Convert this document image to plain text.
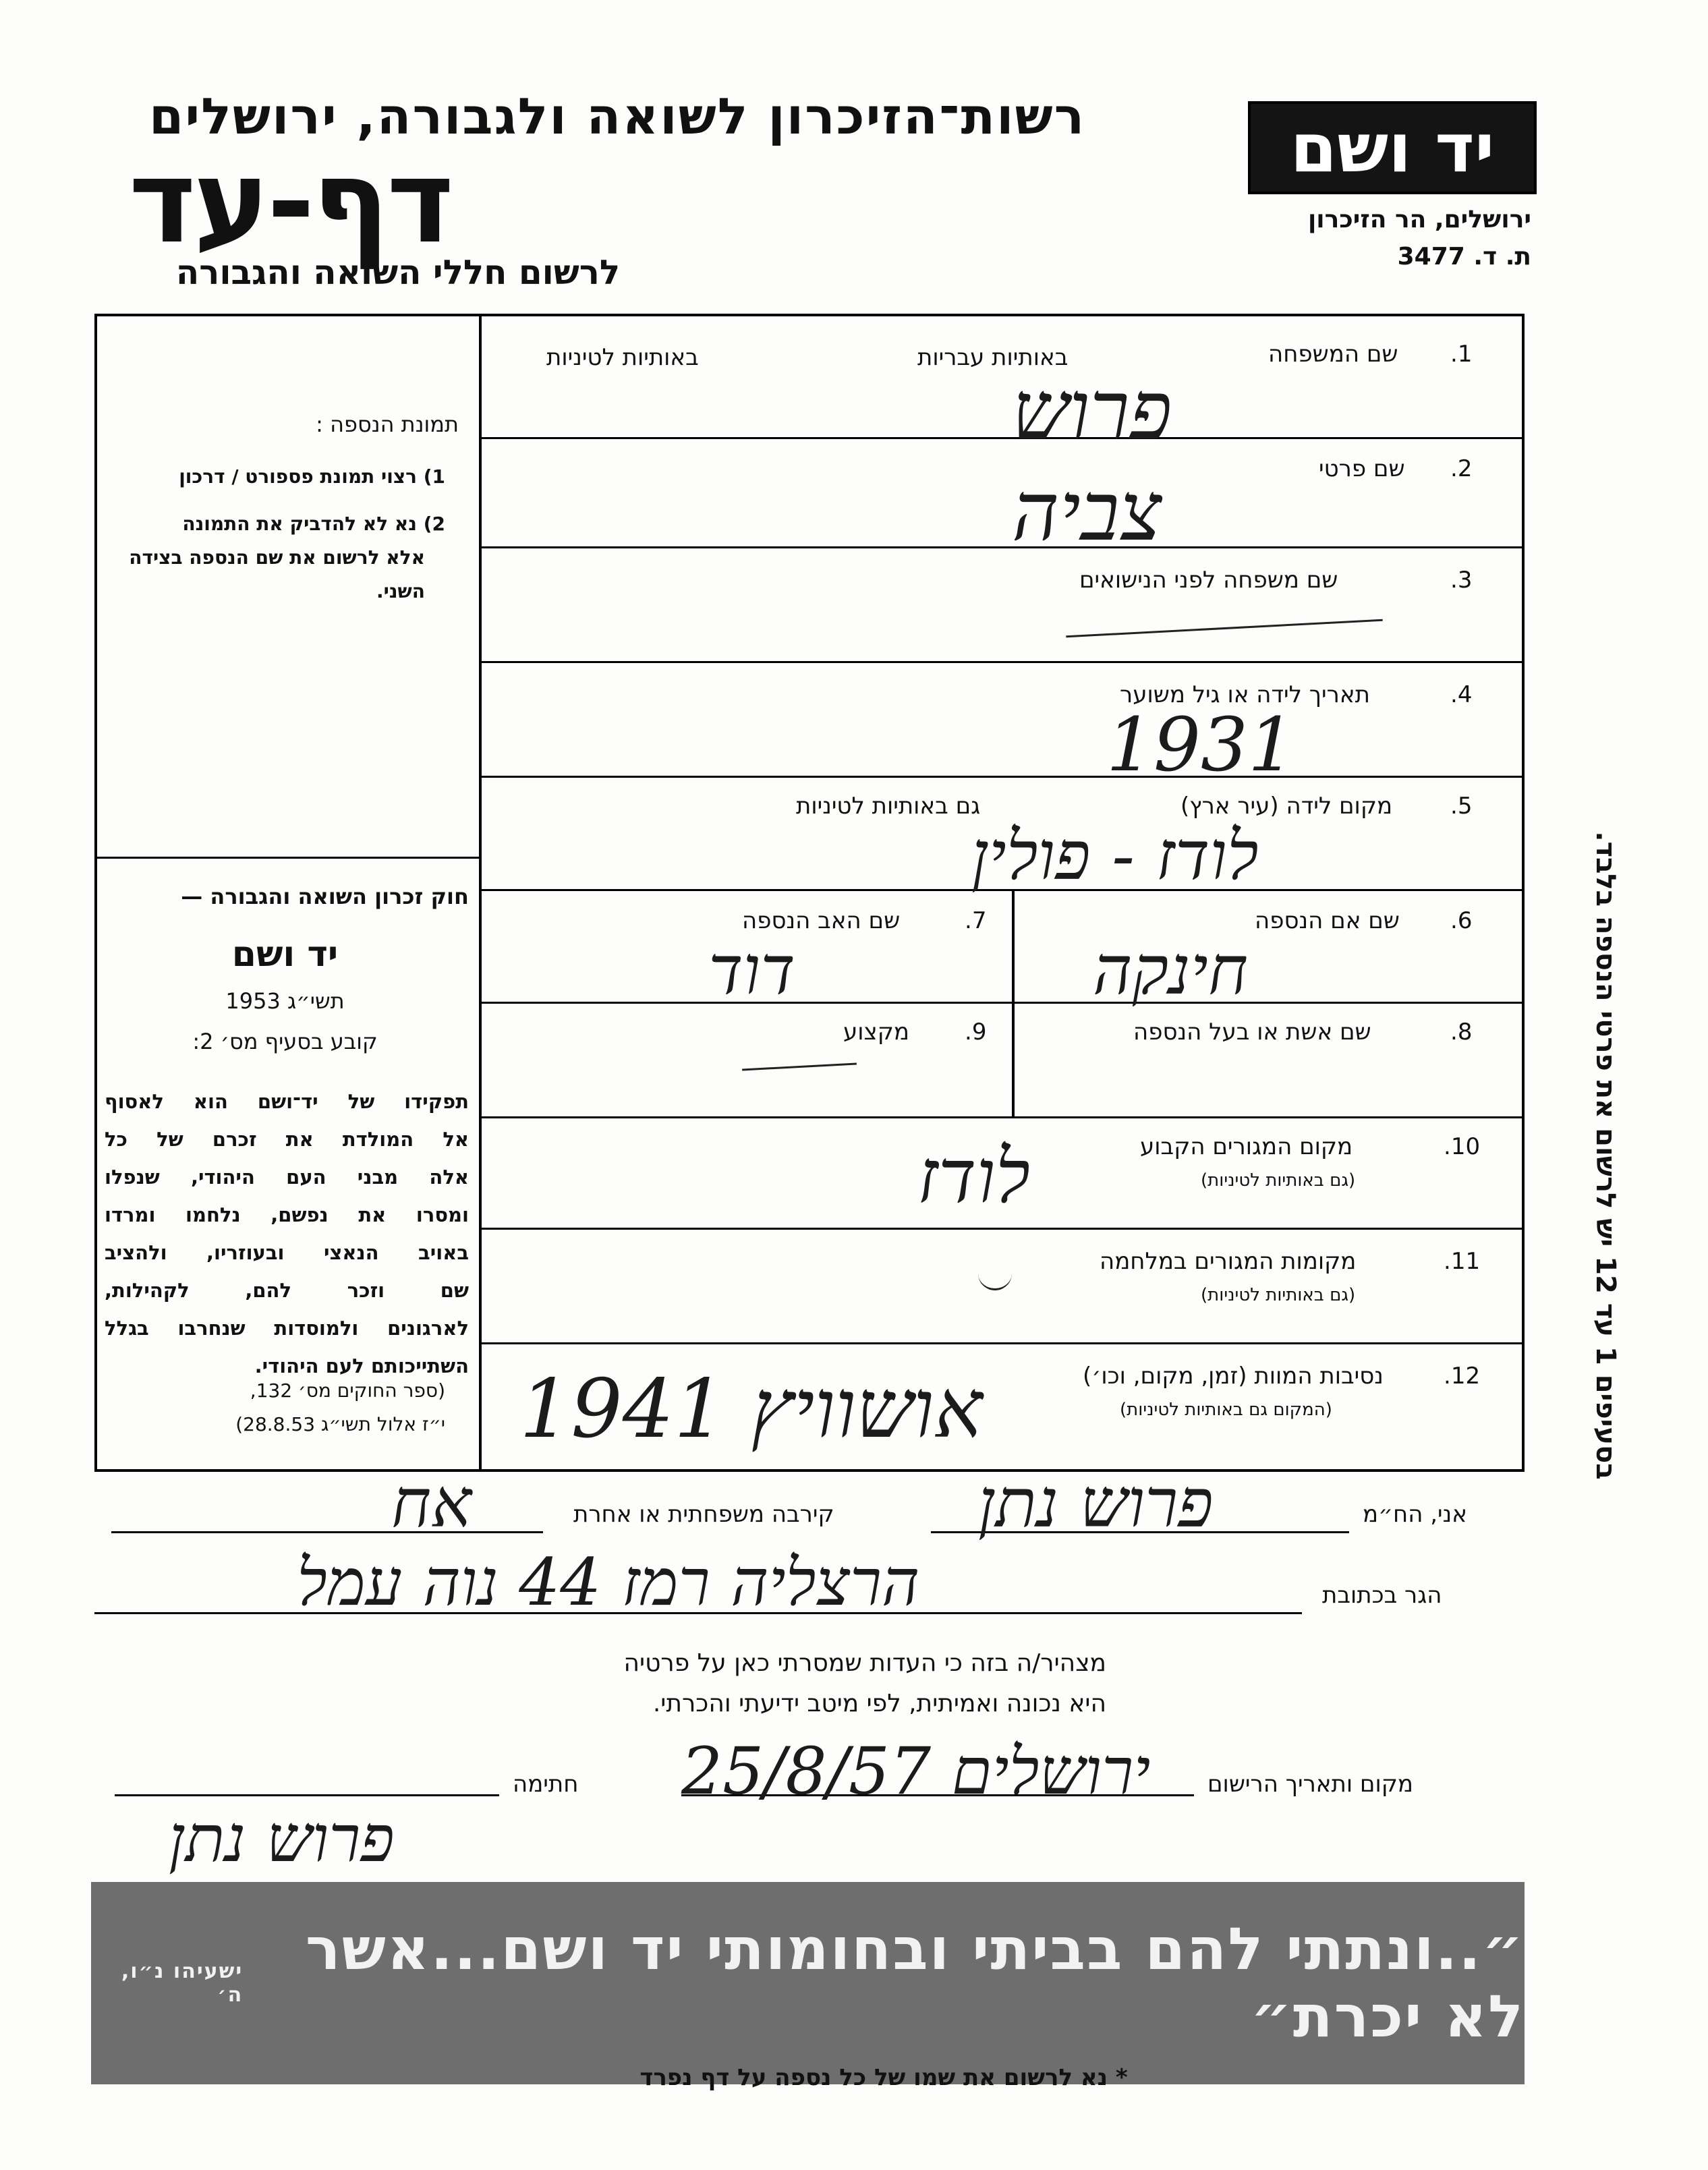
רשות־הזיכרון לשואה ולגבורה, ירושלים
דף-עד
לרשום חללי השואה והגבורה
יד ושם
ירושלים, הר הזיכרון
ת. ד. 3477
באותיות עבריות
באותיות לטיניות	1.
שם המשפחה
פרוש
2.
שם פרטי
צביה
3.
שם משפחה לפני הנישואים
4.
תאריך לידה או גיל משוער
1931
5.
מקום לידה (עיר ארץ)
גם באותיות לטיניות
לודז - פולין
6.
שם אם הנספה
חינקה
7.
שם האב הנספה
דוד
8.
שם אשת או בעל הנספה
9.
מקצוע
10.
מקום המגורים הקבוע
(גם באותיות לטיניות)
לודז
11.
מקומות המגורים במלחמה
(גם באותיות לטיניות)
12.
נסיבות המוות (זמן, מקום, וכו׳)
(המקום גם באותיות לטיניות)
אושוויץ 1941
בסעיפים 1 עד 12 יש לרשום את פרטי הנספה בלבד.
תמונת הנספה :
1) רצוי תמונת פספורט / דרכון
2) נא לא להדביק את התמונה
אלא לרשום את שם הנספה בצידה
השני.
חוק זכרון השואה והגבורה —
יד ושם
תשי״ג 1953
קובע בסעיף מס׳ 2:
תפקידו של יד־ושם הוא לאסוף
אל המולדת את זכרם של כל
אלה מבני העם היהודי, שנפלו
ומסרו את נפשם, נלחמו ומרדו
באויב הנאצי ובעוזריו, ולהציב
שם וזכר להם, לקהילות,
לארגונים ולמוסדות שנחרבו בגלל
השתייכותם לעם היהודי.
(ספר החוקים מס׳ 132,
י״ז אלול תשי״ג 28.8.53)
אני, הח״מ
פרוש נתן
קירבה משפחתית או אחרת
אח
הגר בכתובת
הרצליה רמז 44 נוה עמל
מצהיר/ה בזה כי העדות שמסרתי כאן על פרטיה
היא נכונה ואמיתית, לפי מיטב ידיעתי והכרתי.
מקום ותאריך הרישום
ירושלים 25/8/57
חתימה
פרוש נתן
״..ונתתי להם בביתי ובחומותי יד ושם...אשר לא יכרת״
ישעיהו נ״ו, ה׳
* נא לרשום את שמו של כל נספה על דף נפרד
